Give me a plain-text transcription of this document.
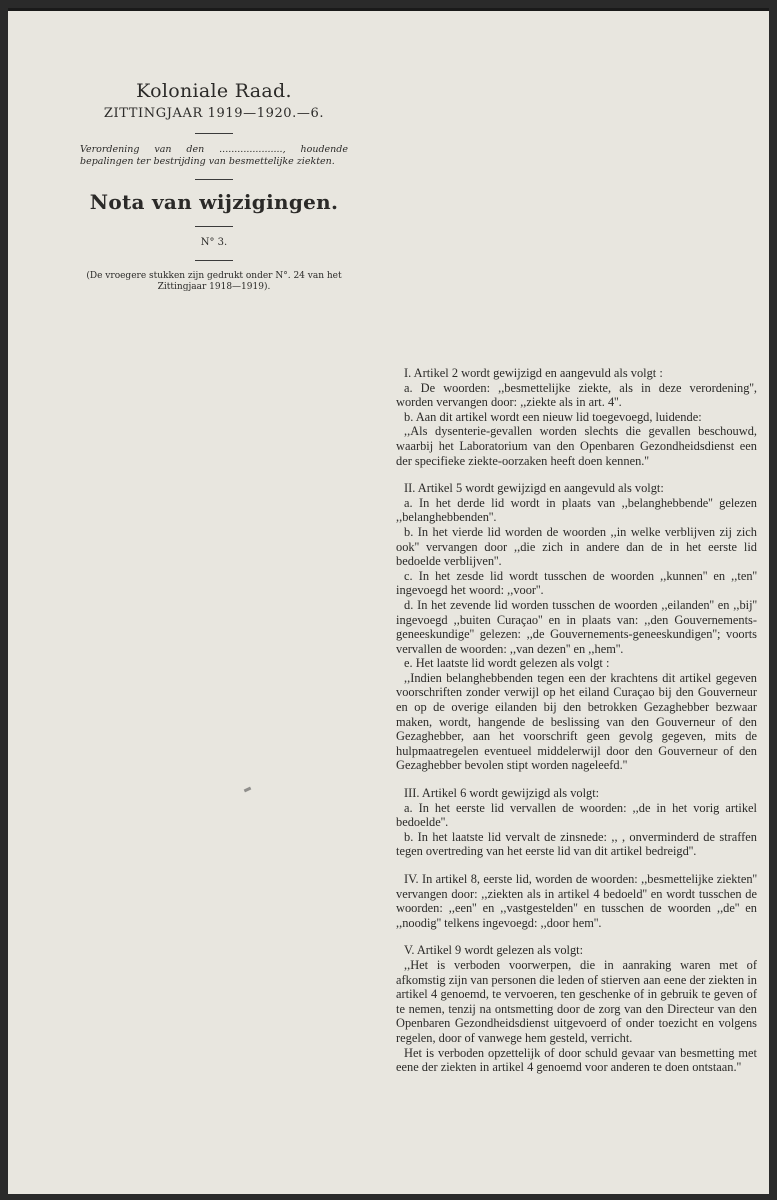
Koloniale Raad.

ZITTINGJAAR 1919—1920.—6.

Verordening van den ....................., houdende bepalingen ter bestrijding van besmettelijke ziekten.

Nota van wijzigingen.

N° 3.

(De vroegere stukken zijn gedrukt onder N°. 24 van het Zittingjaar 1918—1919).

I. Artikel 2 wordt gewijzigd en aangevuld als volgt :

a. De woorden: ,,besmettelijke ziekte, als in deze verordening'', worden vervangen door: ,,ziekte als in art. 4''.

b. Aan dit artikel wordt een nieuw lid toegevoegd, luidende:

,,Als dysenterie-gevallen worden slechts die gevallen beschouwd, waarbij het Laboratorium van den Openbaren Gezondheidsdienst een der specifieke ziekte-oorzaken heeft doen kennen.''

II. Artikel 5 wordt gewijzigd en aangevuld als volgt:

a. In het derde lid wordt in plaats van ,,belanghebbende'' gelezen ,,belanghebbenden''.

b. In het vierde lid worden de woorden ,,in welke verblijven zij zich ook'' vervangen door ,,die zich in andere dan de in het eerste lid bedoelde verblijven''.

c. In het zesde lid wordt tusschen de woorden ,,kunnen'' en ,,ten'' ingevoegd het woord: ,,voor''.

d. In het zevende lid worden tusschen de woorden ,,eilanden'' en ,,bij'' ingevoegd ,,buiten Curaçao'' en in plaats van: ,,den Gouvernements-geneeskundige'' gelezen: ,,de Gouvernements-geneeskundigen''; voorts vervallen de woorden: ,,van dezen'' en ,,hem''.

e. Het laatste lid wordt gelezen als volgt :

,,Indien belanghebbenden tegen een der krachtens dit artikel gegeven voorschriften zonder verwijl op het eiland Curaçao bij den Gouverneur en op de overige eilanden bij den betrokken Gezaghebber bezwaar maken, wordt, hangende de beslissing van den Gouverneur of den Gezaghebber, aan het voorschrift geen gevolg gegeven, mits de hulpmaatregelen eventueel middelerwijl door den Gouverneur of den Gezaghebber bevolen stipt worden nageleefd.''

III. Artikel 6 wordt gewijzigd als volgt:

a. In het eerste lid vervallen de woorden: ,,de in het vorig artikel bedoelde''.

b. In het laatste lid vervalt de zinsnede: ,, , onverminderd de straffen tegen overtreding van het eerste lid van dit artikel bedreigd''.

IV. In artikel 8, eerste lid, worden de woorden: ,,besmettelijke ziekten'' vervangen door: ,,ziekten als in artikel 4 bedoeld'' en wordt tusschen de woorden: ,,een'' en ,,vastgestelden'' en tusschen de woorden ,,de'' en ,,noodig'' telkens ingevoegd: ,,door hem''.

V. Artikel 9 wordt gelezen als volgt:

,,Het is verboden voorwerpen, die in aanraking waren met of afkomstig zijn van personen die leden of stierven aan eene der ziekten in artikel 4 genoemd, te vervoeren, ten geschenke of in gebruik te geven of te nemen, tenzij na ontsmetting door de zorg van den Directeur van den Openbaren Gezondheidsdienst uitgevoerd of onder toezicht en volgens regelen, door of vanwege hem gesteld, verricht.

Het is verboden opzettelijk of door schuld gevaar van besmetting met eene der ziekten in artikel 4 genoemd voor anderen te doen ontstaan.''
